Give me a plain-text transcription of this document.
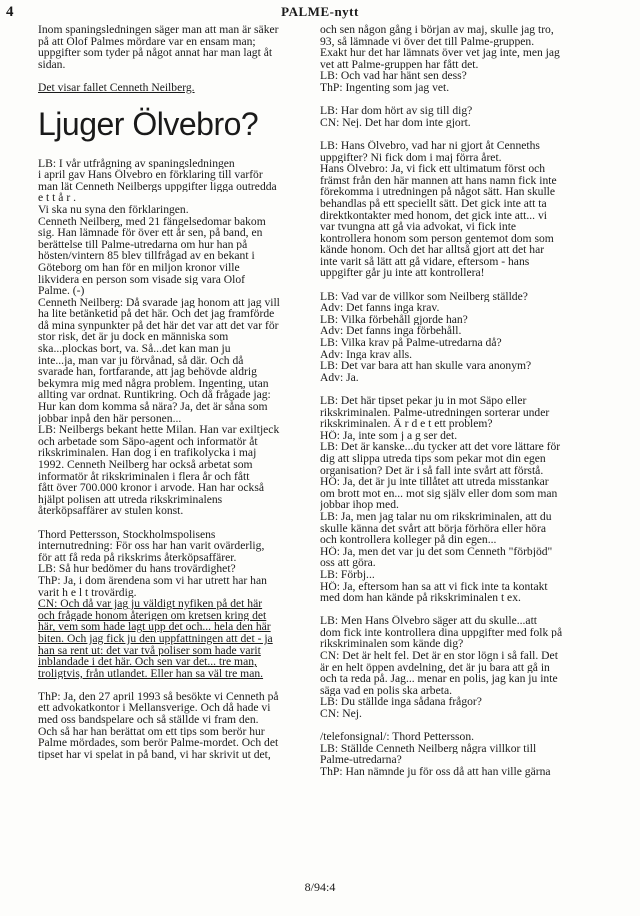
4	PALME-nytt
Inom spaningsledningen säger man att man är säker
på att Olof Palmes mördare var en ensam man;
uppgifter som tyder på något annat har man lagt åt
sidan.
Det visar fallet Cenneth Neilberg.
Ljuger Ölvebro?
LB: I vår utfrågning av spaningsledningen
i april gav Hans Ölvebro en förklaring till varför
man lät Cenneth Neilbergs uppgifter ligga outredda
e t t å r .
Vi ska nu syna den förklaringen.
Cenneth Neilberg, med 21 fängelsedomar bakom
sig. Han lämnade för över ett år sen, på band, en
berättelse till Palme-utredarna om hur han på
hösten/vintern 85 blev tillfrågad av en bekant i
Göteborg om han för en miljon kronor ville
likvidera en person som visade sig vara Olof
Palme. (-)
Cenneth Neilberg: Då svarade jag honom att jag vill
ha lite betänketid på det här. Och det jag framförde
då mina synpunkter på det här det var att det var för
stor risk, det är ju dock en människa som
ska...plockas bort, va. Så...det kan man ju
inte...ja, man var ju förvånad, så där. Och då
svarade han, fortfarande, att jag behövde aldrig
bekymra mig med några problem. Ingenting, utan
allting var ordnat. Runtikring. Och då frågade jag:
Hur kan dom komma så nära? Ja, det är såna som
jobbar inpå den här personen...
LB: Neilbergs bekant hette Milan. Han var exiltjeck
och arbetade som Säpo-agent och informatör åt
rikskriminalen. Han dog i en trafikolycka i maj
1992. Cenneth Neilberg har också arbetat som
informatör åt rikskriminalen i flera år och fått
fått över 700.000 kronor i arvode. Han har också
hjälpt polisen att utreda rikskriminalens
återköpsaffärer av stulen konst.
Thord Pettersson, Stockholmspolisens
internutredning: För oss har han varit ovärderlig,
för att få reda på rikskrims återköpsaffärer.
LB: Så hur bedömer du hans trovärdighet?
ThP: Ja, i dom ärendena som vi har utrett har han
varit h e l t trovärdig.
CN: Och då var jag ju väldigt nyfiken på det här
och frågade honom återigen om kretsen kring det
här, vem som hade lagt upp det och... hela den här
biten. Och jag fick ju den uppfattningen att det - ja
han sa rent ut: det var två poliser som hade varit
inblandade i det här. Och sen var det... tre man,
troligtvis, från utlandet. Eller han sa väl tre man.
ThP: Ja, den 27 april 1993 så besökte vi Cenneth på
ett advokatkontor i Mellansverige. Och då hade vi
med oss bandspelare och så ställde vi fram den.
Och så har han berättat om ett tips som berör hur
Palme mördades, som berör Palme-mordet. Och det
tipset har vi spelat in på band, vi har skrivit ut det,
och sen någon gång i början av maj, skulle jag tro,
93, så lämnade vi över det till Palme-gruppen.
Exakt hur det har lämnats över vet jag inte, men jag
vet att Palme-gruppen har fått det.
LB: Och vad har hänt sen dess?
ThP: Ingenting som jag vet.
LB: Har dom hört av sig till dig?
CN: Nej. Det har dom inte gjort.
LB: Hans Ölvebro, vad har ni gjort åt Cenneths
uppgifter? Ni fick dom i maj förra året.
Hans Ölvebro: Ja, vi fick ett ultimatum först och
främst från den här mannen att hans namn fick inte
förekomma i utredningen på något sätt. Han skulle
behandlas på ett speciellt sätt. Det gick inte att ta
direktkontakter med honom, det gick inte att... vi
var tvungna att gå via advokat, vi fick inte
kontrollera honom som person gentemot dom som
kände honom. Och det har alltså gjort att det har
inte varit så lätt att gå vidare, eftersom - hans
uppgifter går ju inte att kontrollera!
LB: Vad var de villkor som Neilberg ställde?
Adv: Det fanns inga krav.
LB: Vilka förbehåll gjorde han?
Adv: Det fanns inga förbehåll.
LB: Vilka krav på Palme-utredarna då?
Adv: Inga krav alls.
LB: Det var bara att han skulle vara anonym?
Adv: Ja.
LB: Det här tipset pekar ju in mot Säpo eller
rikskriminalen. Palme-utredningen sorterar under
rikskriminalen. Ä r d e t ett problem?
HÖ: Ja, inte som j a g ser det.
LB: Det är kanske...du tycker att det vore lättare för
dig att slippa utreda tips som pekar mot din egen
organisation? Det är i så fall inte svårt att förstå.
HÖ: Ja, det är ju inte tillåtet att utreda misstankar
om brott mot en... mot sig själv eller dom som man
jobbar ihop med.
LB: Ja, men jag talar nu om rikskriminalen, att du
skulle känna det svårt att börja förhöra eller höra
och kontrollera kolleger på din egen...
HÖ: Ja, men det var ju det som Cenneth "förbjöd"
oss att göra.
LB: Förbj...
HÖ: Ja, eftersom han sa att vi fick inte ta kontakt
med dom han kände på rikskriminalen t ex.
LB: Men Hans Ölvebro säger att du skulle...att
dom fick inte kontrollera dina uppgifter med folk på
rikskriminalen som kände dig?
CN: Det är helt fel. Det är en stor lögn i så fall. Det
är en helt öppen avdelning, det är ju bara att gå in
och ta reda på. Jag... menar en polis, jag kan ju inte
säga vad en polis ska arbeta.
LB: Du ställde inga sådana frågor?
CN: Nej.
/telefonsignal/: Thord Pettersson.
LB: Ställde Cenneth Neilberg några villkor till
Palme-utredarna?
ThP: Han nämnde ju för oss då att han ville gärna
8/94:4
